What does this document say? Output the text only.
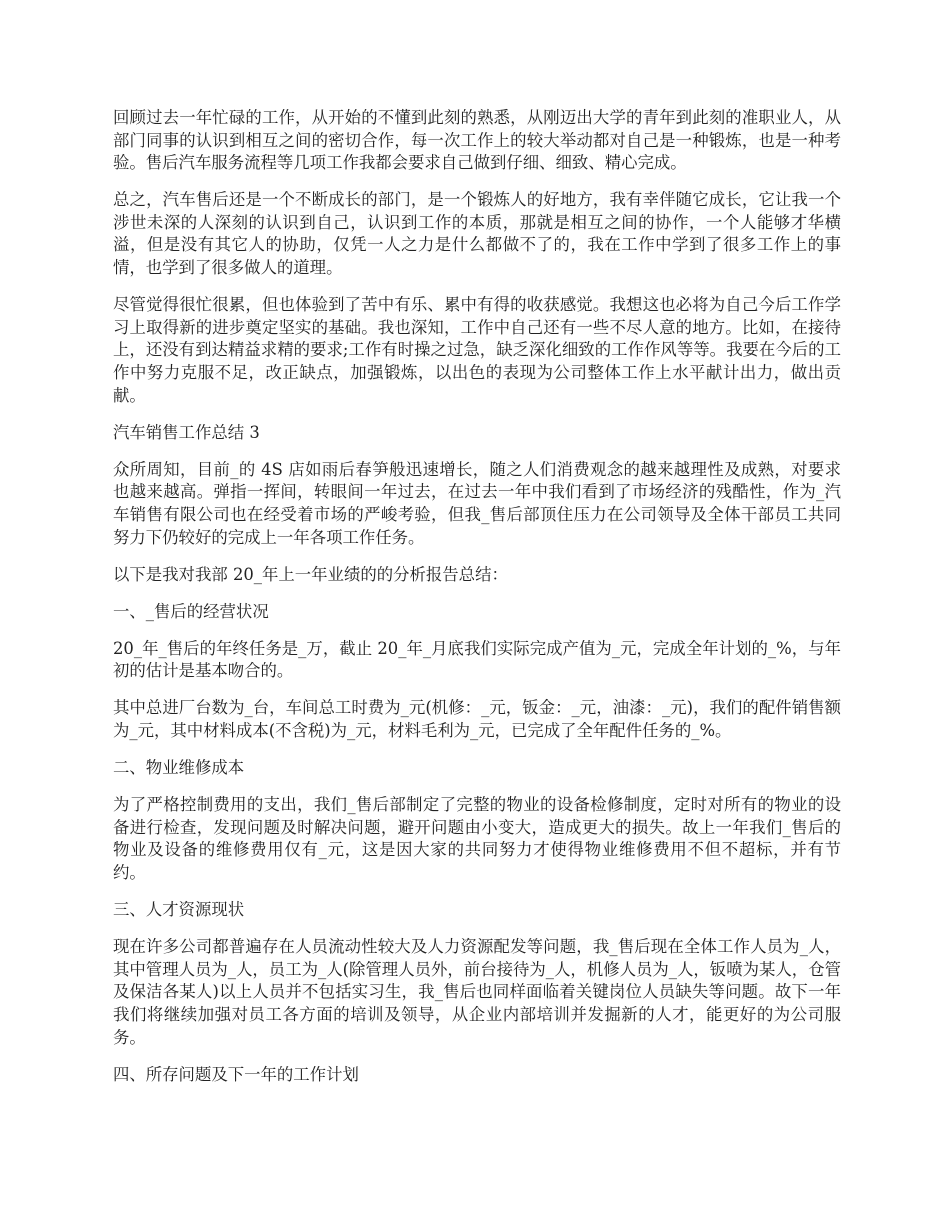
回顾过去一年忙碌的工作，从开始的不懂到此刻的熟悉，从刚迈出大学的青年到此刻的准职业人，从部门同事的认识到相互之间的密切合作，每一次工作上的较大举动都对自己是一种锻炼，也是一种考验。售后汽车服务流程等几项工作我都会要求自己做到仔细、细致、精心完成。

总之，汽车售后还是一个不断成长的部门，是一个锻炼人的好地方，我有幸伴随它成长，它让我一个涉世未深的人深刻的认识到自己，认识到工作的本质，那就是相互之间的协作，一个人能够才华横溢，但是没有其它人的协助，仅凭一人之力是什么都做不了的，我在工作中学到了很多工作上的事情，也学到了很多做人的道理。

尽管觉得很忙很累，但也体验到了苦中有乐、累中有得的收获感觉。我想这也必将为自己今后工作学习上取得新的进步奠定坚实的基础。我也深知，工作中自己还有一些不尽人意的地方。比如，在接待上，还没有到达精益求精的要求;工作有时操之过急，缺乏深化细致的工作作风等等。我要在今后的工作中努力克服不足，改正缺点，加强锻炼，以出色的表现为公司整体工作上水平献计出力，做出贡献。

汽车销售工作总结 3

众所周知，目前_的 4S 店如雨后春笋般迅速增长，随之人们消费观念的越来越理性及成熟，对要求也越来越高。弹指一挥间，转眼间一年过去，在过去一年中我们看到了市场经济的残酷性，作为_汽车销售有限公司也在经受着市场的严峻考验，但我_售后部顶住压力在公司领导及全体干部员工共同努力下仍较好的完成上一年各项工作任务。

以下是我对我部 20_年上一年业绩的的分析报告总结：

一、_售后的经营状况

20_年_售后的年终任务是_万，截止 20_年_月底我们实际完成产值为_元，完成全年计划的_%，与年初的估计是基本吻合的。

其中总进厂台数为_台，车间总工时费为_元(机修：_元，钣金：_元，油漆：_元)，我们的配件销售额为_元，其中材料成本(不含税)为_元，材料毛利为_元，已完成了全年配件任务的_%。

二、物业维修成本

为了严格控制费用的支出，我们_售后部制定了完整的物业的设备检修制度，定时对所有的物业的设备进行检查，发现问题及时解决问题，避开问题由小变大，造成更大的损失。故上一年我们_售后的物业及设备的维修费用仅有_元，这是因大家的共同努力才使得物业维修费用不但不超标，并有节约。

三、人才资源现状

现在许多公司都普遍存在人员流动性较大及人力资源配发等问题，我_售后现在全体工作人员为_人，其中管理人员为_人，员工为_人(除管理人员外，前台接待为_人，机修人员为_人，钣喷为某人，仓管及保洁各某人)以上人员并不包括实习生，我_售后也同样面临着关键岗位人员缺失等问题。故下一年我们将继续加强对员工各方面的培训及领导，从企业内部培训并发掘新的人才，能更好的为公司服务。

四、所存问题及下一年的工作计划
